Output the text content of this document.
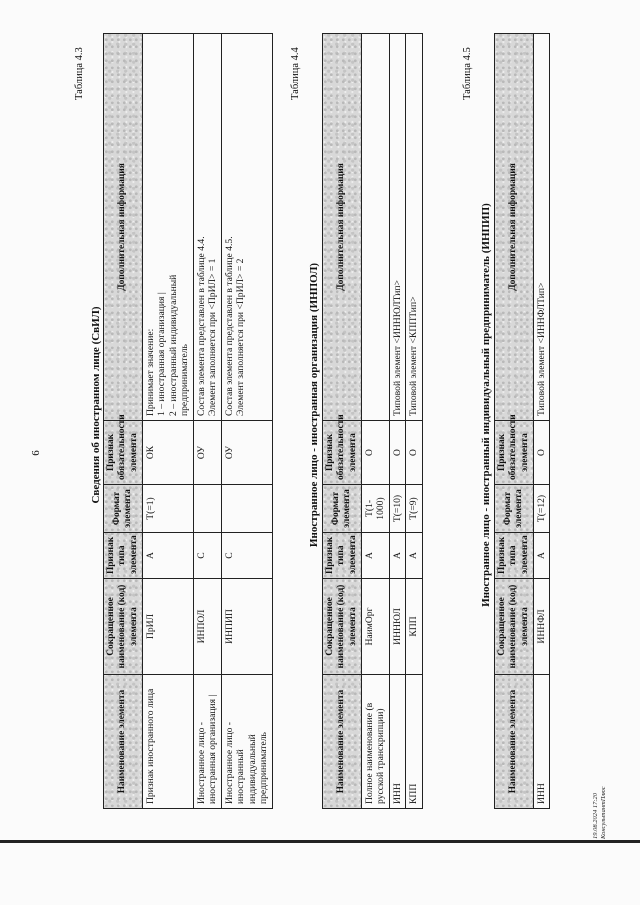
6
Таблица 4.3
Сведения об иностранном лице (СвИЛ)
Наименование элемента	Сокращенное наименование (код) элемента	Признак типа элемента	Формат элемента	Признак обязательности элемента	Дополнительная информация
Признак иностранного лица	ПрИЛ	А	T(=1)	ОК	Принимает значение: 1 – иностранная организация | 2 – иностранный индивидуальный предприниматель

Иностранное лицо - иностранная организация |	ИНПОЛ	С		ОУ	Состав элемента представлен в таблице 4.4. Элемент заполняется при <ПрИЛ> = 1

Иностранное лицо - иностранный индивидуальный предприниматель	ИНПИП	С		ОУ	Состав элемента представлен в таблице 4.5. Элемент заполняется при <ПрИЛ> = 2
Таблица 4.4
Иностранное лицо - иностранная организация (ИНПОЛ)
Наименование элемента	Сокращенное наименование (код) элемента	Признак типа элемента	Формат элемента	Признак обязательности элемента	Дополнительная информация
Полное наименование (в русской транскрипции)	НаимОрг	А	T(1-1000)	О	
ИНН	ИННЮЛ	А	T(=10)	О	Типовой элемент <ИННЮЛТип>
КПП	КПП	А	T(=9)	О	Типовой элемент <КППТип>
Таблица 4.5
Иностранное лицо - иностранный индивидуальный предприниматель (ИНПИП)
Наименование элемента	Сокращенное наименование (код) элемента	Признак типа элемента	Формат элемента	Признак обязательности элемента	Дополнительная информация
ИНН	ИННФЛ	А	T(=12)	О	Типовой элемент <ИННФЛТип>
19.08.2024 17:20 КонсультантПлюс
